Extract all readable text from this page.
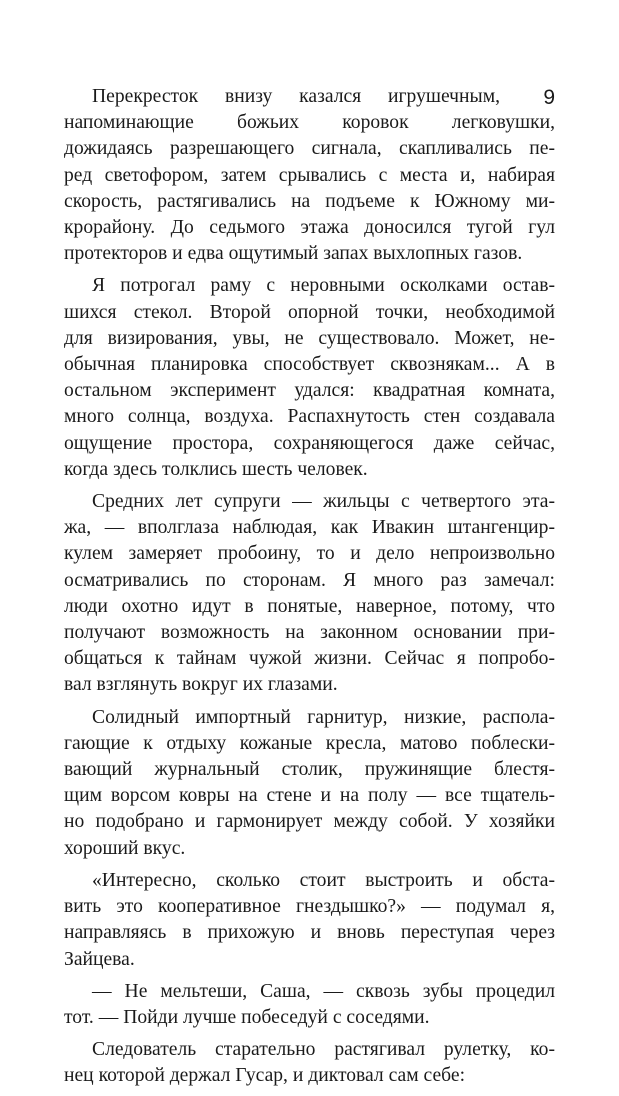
9
Перекресток внизу казался игрушечным,
напоминающие божьих коровок легковушки,
дожидаясь разрешающего сигнала, скапливались пе-
ред светофором, затем срывались с места и, набирая
скорость, растягивались на подъеме к Южному ми-
крорайону. До седьмого этажа доносился тугой гул
протекторов и едва ощутимый запах выхлопных газов.
Я потрогал раму с неровными осколками остав-
шихся стекол. Второй опорной точки, необходимой
для визирования, увы, не существовало. Может, не-
обычная планировка способствует сквознякам... А в
остальном эксперимент удался: квадратная комната,
много солнца, воздуха. Распахнутость стен создавала
ощущение простора, сохраняющегося даже сейчас,
когда здесь толклись шесть человек.
Средних лет супруги — жильцы с четвертого эта-
жа, — вполглаза наблюдая, как Ивакин штангенцир-
кулем замеряет пробоину, то и дело непроизвольно
осматривались по сторонам. Я много раз замечал:
люди охотно идут в понятые, наверное, потому, что
получают возможность на законном основании при-
общаться к тайнам чужой жизни. Сейчас я попробо-
вал взглянуть вокруг их глазами.
Солидный импортный гарнитур, низкие, распола-
гающие к отдыху кожаные кресла, матово поблески-
вающий журнальный столик, пружинящие блестя-
щим ворсом ковры на стене и на полу — все тщатель-
но подобрано и гармонирует между собой. У хозяйки
хороший вкус.
«Интересно, сколько стоит выстроить и обста-
вить это кооперативное гнездышко?» — подумал я,
направляясь в прихожую и вновь переступая через
Зайцева.
— Не мельтеши, Саша, — сквозь зубы процедил
тот. — Пойди лучше побеседуй с соседями.
Следователь старательно растягивал рулетку, ко-
нец которой держал Гусар, и диктовал сам себе:
